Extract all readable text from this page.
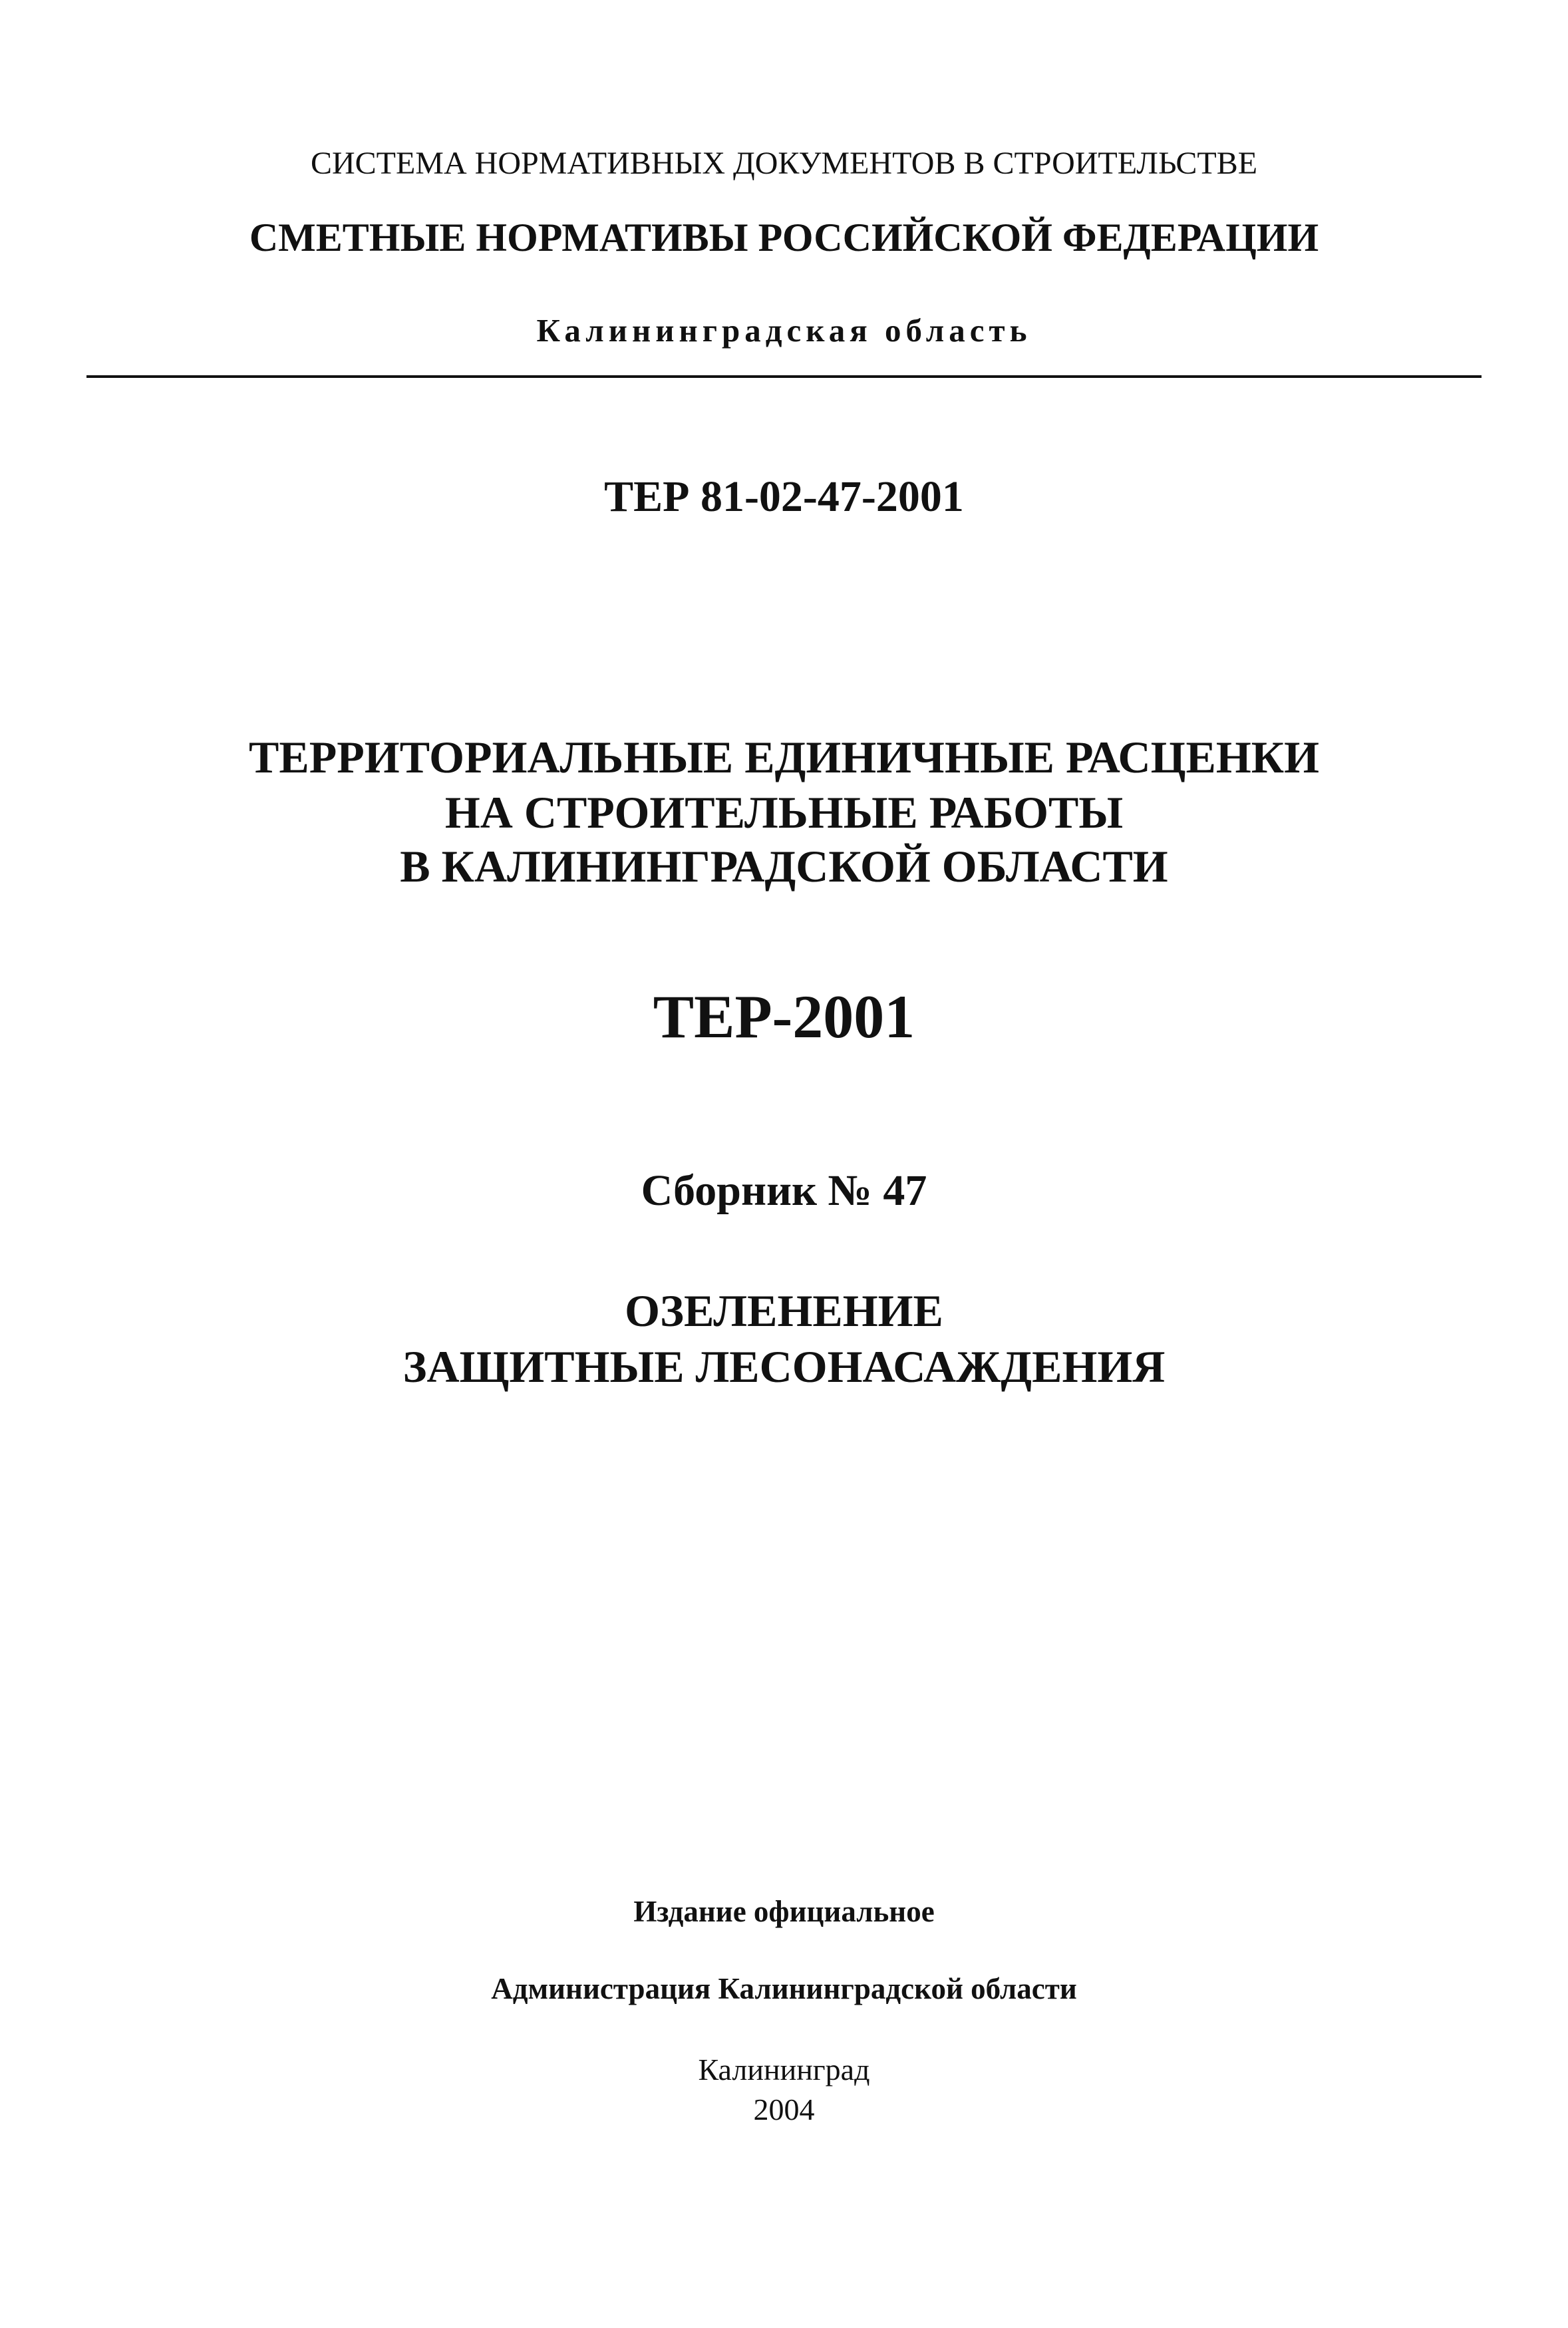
СИСТЕМА НОРМАТИВНЫХ ДОКУМЕНТОВ В СТРОИТЕЛЬСТВЕ
СМЕТНЫЕ НОРМАТИВЫ РОССИЙСКОЙ ФЕДЕРАЦИИ
Калининградская область
ТЕР 81-02-47-2001
ТЕРРИТОРИАЛЬНЫЕ ЕДИНИЧНЫЕ РАСЦЕНКИ
НА СТРОИТЕЛЬНЫЕ РАБОТЫ
В КАЛИНИНГРАДСКОЙ ОБЛАСТИ
ТЕР-2001
Сборник № 47
ОЗЕЛЕНЕНИЕ
ЗАЩИТНЫЕ ЛЕСОНАСАЖДЕНИЯ
Издание официальное
Администрация Калининградской области
Калининград
2004
